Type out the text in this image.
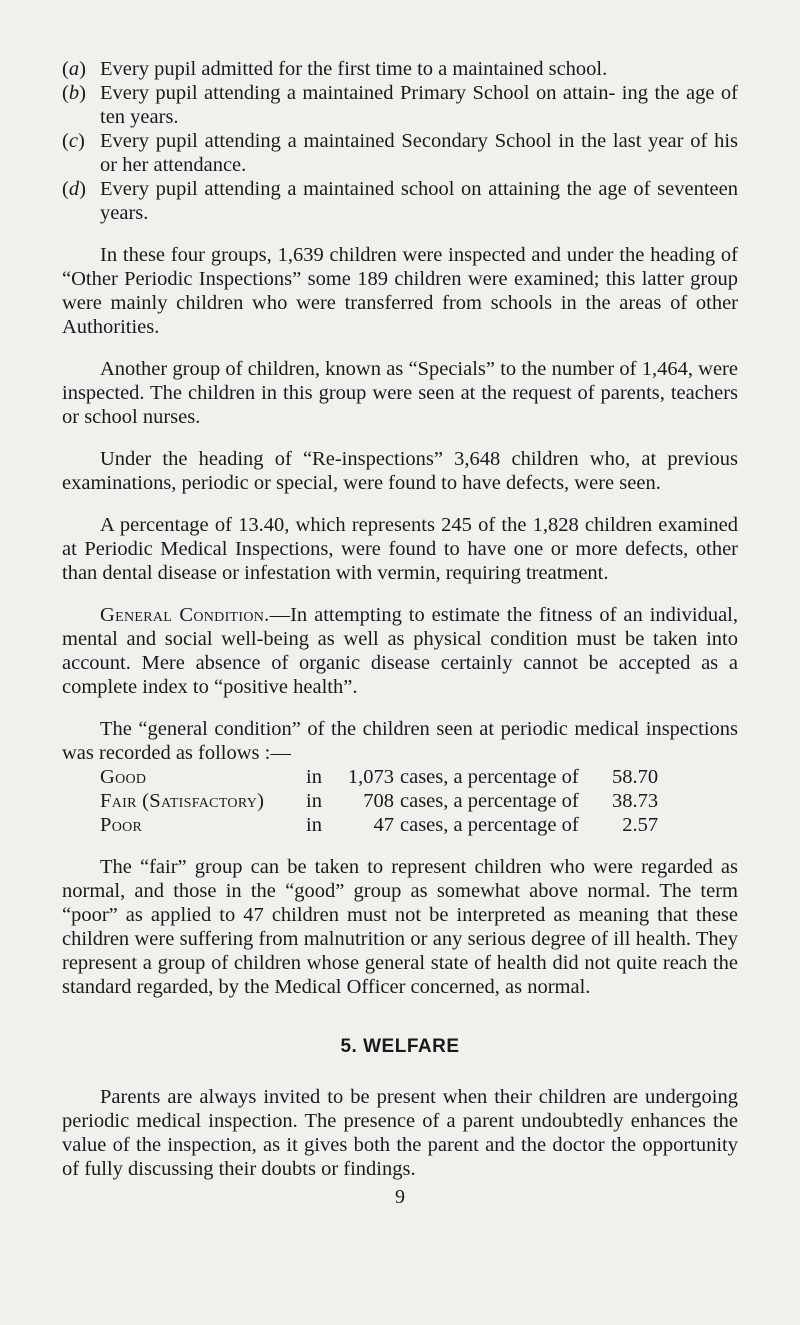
(a) Every pupil admitted for the first time to a maintained school.
(b) Every pupil attending a maintained Primary School on attain- ing the age of ten years.
(c) Every pupil attending a maintained Secondary School in the last year of his or her attendance.
(d) Every pupil attending a maintained school on attaining the age of seventeen years.

In these four groups, 1,639 children were inspected and under the heading of “Other Periodic Inspections” some 189 children were examined; this latter group were mainly children who were transferred from schools in the areas of other Authorities.

Another group of children, known as “Specials” to the number of 1,464, were inspected. The children in this group were seen at the request of parents, teachers or school nurses.

Under the heading of “Re-inspections” 3,648 children who, at previous examinations, periodic or special, were found to have defects, were seen.

A percentage of 13.40, which represents 245 of the 1,828 children examined at Periodic Medical Inspections, were found to have one or more defects, other than dental disease or infestation with vermin, requiring treatment.

General Condition.—In attempting to estimate the fitness of an individual, mental and social well-being as well as physical condition must be taken into account. Mere absence of organic disease certainly cannot be accepted as a complete index to “positive health”.

The “general condition” of the children seen at periodic medical inspections was recorded as follows :—

Good	in	1,073	cases, a percentage of	58.70
Fair (Satisfactory)	in	708	cases, a percentage of	38.73
Poor	in	47	cases, a percentage of	2.57

The “fair” group can be taken to represent children who were regarded as normal, and those in the “good” group as somewhat above normal. The term “poor” as applied to 47 children must not be interpreted as meaning that these children were suffering from malnutrition or any serious degree of ill health. They represent a group of children whose general state of health did not quite reach the standard regarded, by the Medical Officer concerned, as normal.

5. WELFARE

Parents are always invited to be present when their children are undergoing periodic medical inspection. The presence of a parent undoubtedly enhances the value of the inspection, as it gives both the parent and the doctor the opportunity of fully discussing their doubts or findings.

9
